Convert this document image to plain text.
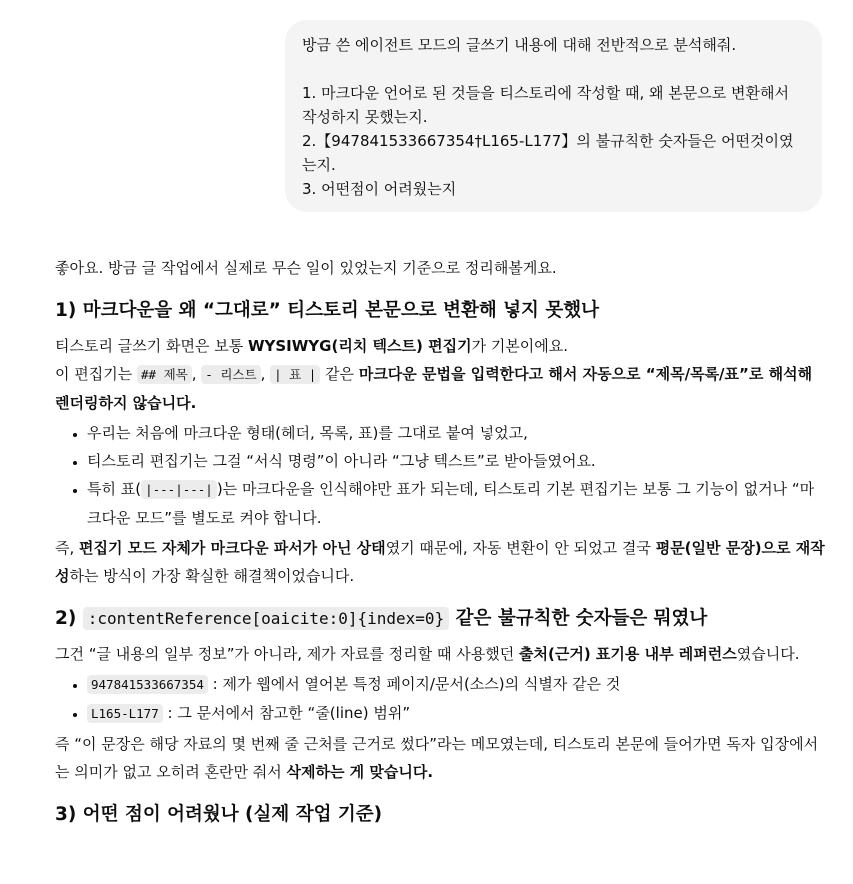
방금 쓴 에이전트 모드의 글쓰기 내용에 대해 전반적으로 분석해줘.

1. 마크다운 언어로 된 것들을 티스토리에 작성할 때, 왜 본문으로 변환해서 작성하지 못했는지.

2.【947841533667354†L165-L177】의 불규칙한 숫자들은 어떤것이였는지.

3. 어떤점이 어려웠는지

좋아요. 방금 글 작업에서 실제로 무슨 일이 있었는지 기준으로 정리해볼게요.

1) 마크다운을 왜 “그대로” 티스토리 본문으로 변환해 넣지 못했나

티스토리 글쓰기 화면은 보통 WYSIWYG(리치 텍스트) 편집기가 기본이에요.

이 편집기는 ## 제목 , - 리스트 , | 표 | 같은 마크다운 문법을 입력한다고 해서 자동으로 “제목/목록/표”로 해석해 렌더링하지 않습니다.

• 우리는 처음에 마크다운 형태(헤더, 목록, 표)를 그대로 붙여 넣었고,
• 티스토리 편집기는 그걸 “서식 명령”이 아니라 “그냥 텍스트”로 받아들였어요.
• 특히 표( |---|---| )는 마크다운을 인식해야만 표가 되는데, 티스토리 기본 편집기는 보통 그 기능이 없거나 “마크다운 모드”를 별도로 켜야 합니다.

즉, 편집기 모드 자체가 마크다운 파서가 아닌 상태였기 때문에, 자동 변환이 안 되었고 결국 평문(일반 문장)으로 재작성하는 방식이 가장 확실한 해결책이었습니다.

2) :contentReference[oaicite:0]{index=0} 같은 불규칙한 숫자들은 뭐였나

그건 “글 내용의 일부 정보”가 아니라, 제가 자료를 정리할 때 사용했던 출처(근거) 표기용 내부 레퍼런스였습니다.

• 947841533667354 : 제가 웹에서 열어본 특정 페이지/문서(소스)의 식별자 같은 것
• L165-L177 : 그 문서에서 참고한 “줄(line) 범위”

즉 “이 문장은 해당 자료의 몇 번째 줄 근처를 근거로 썼다”라는 메모였는데, 티스토리 본문에 들어가면 독자 입장에서는 의미가 없고 오히려 혼란만 줘서 삭제하는 게 맞습니다.

3) 어떤 점이 어려웠나 (실제 작업 기준)
